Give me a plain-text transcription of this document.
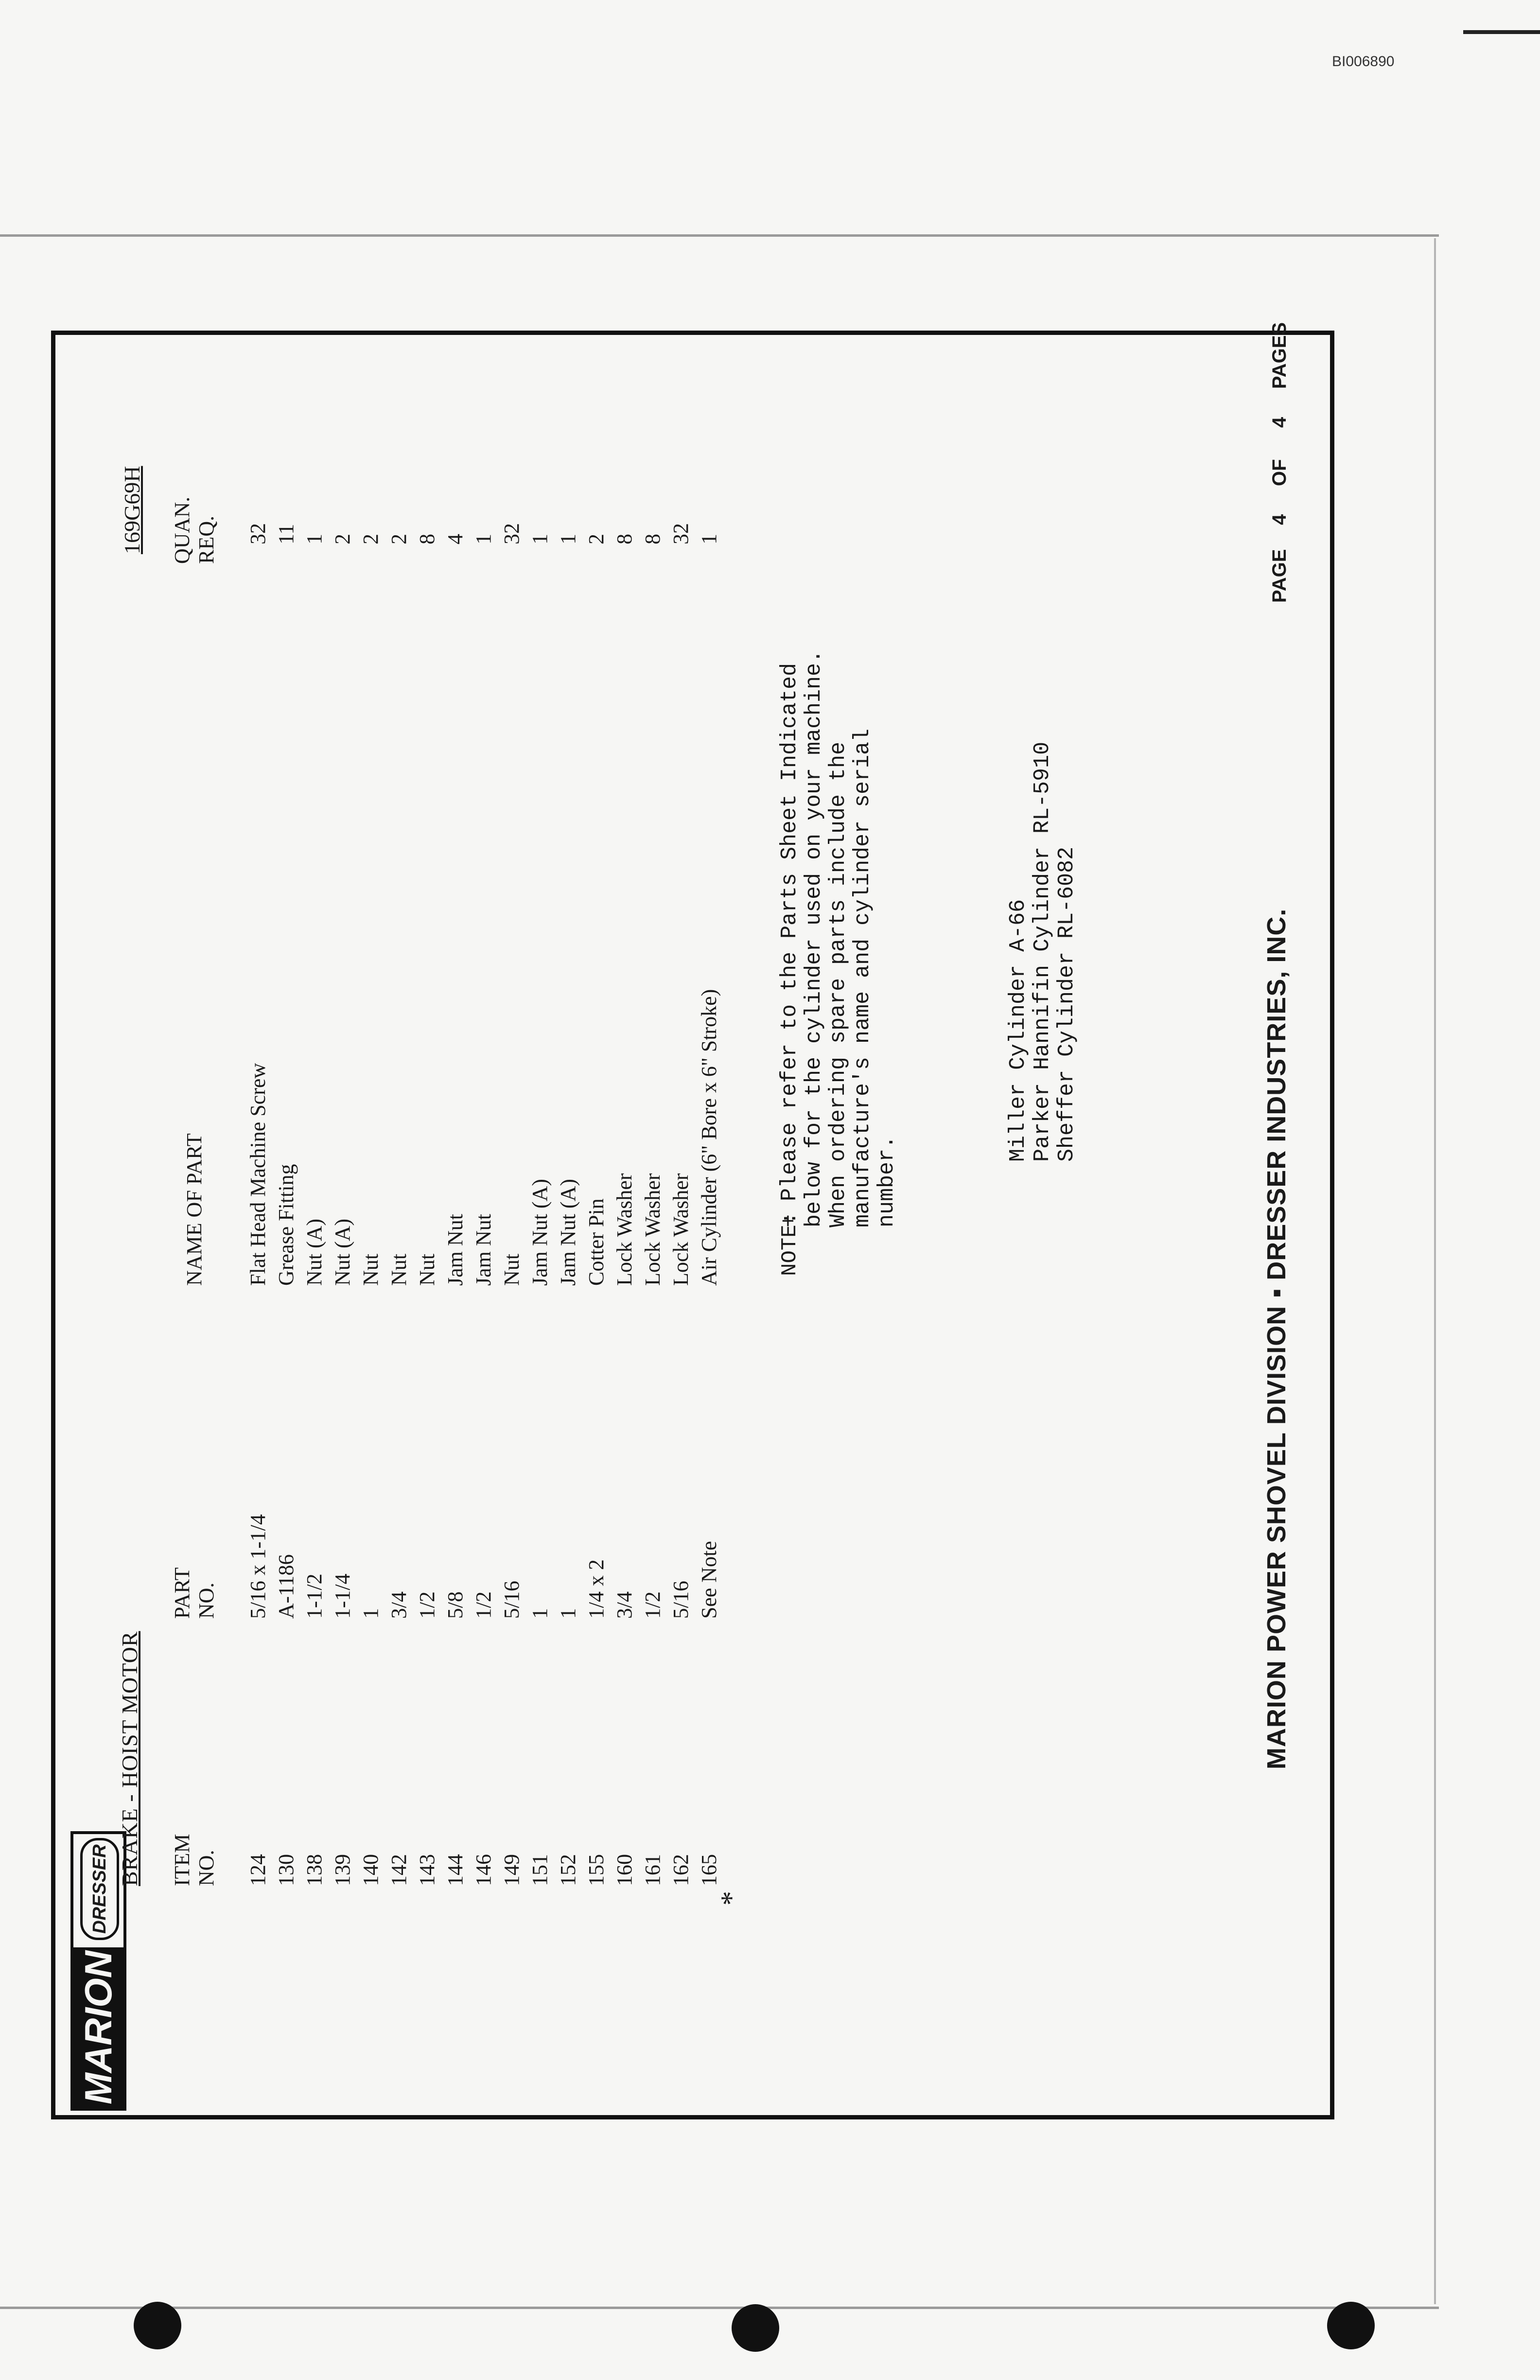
BI006890
MARION
DRESSER
BRAKE - HOIST MOTOR
169G69H
ITEM NO.
PART NO.
NAME OF PART
QUAN. REQ.
124
5/16 x 1-1/4
Flat Head Machine Screw
32
130
A-1186
Grease Fitting
11
138
1-1/2
Nut (A)
1
139
1-1/4
Nut (A)
2
140
1
Nut
2
142
3/4
Nut
2
143
1/2
Nut
8
144
5/8
Jam Nut
4
146
1/2
Jam Nut
1
149
5/16
Nut
32
151
1
Jam Nut (A)
1
152
1
Jam Nut (A)
1
155
1/4 x 2
Cotter Pin
2
160
3/4
Lock Washer
8
161
1/2
Lock Washer
8
162
5/16
Lock Washer
32
165
See Note
Air Cylinder (6" Bore x 6" Stroke)
1
*
NOTE:

+ Please refer to the Parts Sheet Indicated

below for the cylinder used on your machine.

When ordering spare parts include the

manufacture's name and cylinder serial

number.

Miller Cylinder A-66

Parker Hannifin Cylinder RL-5910

Sheffer Cylinder RL-6082

	MARION POWER SHOVEL DIVISION ▪ DRESSER INDUSTRIES, INC.
PAGE
4
OF
4
PAGES
